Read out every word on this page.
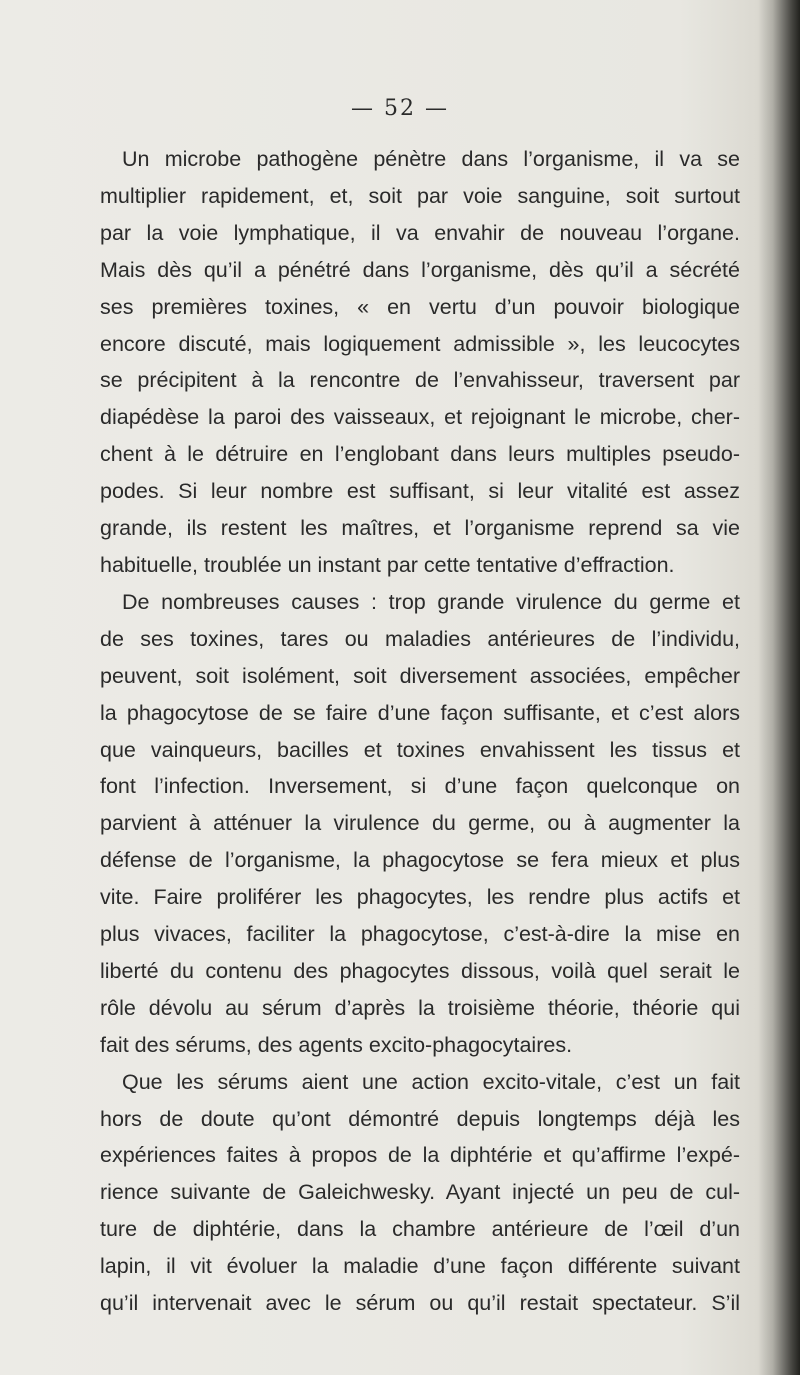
— 52 —
Un microbe pathogène pénètre dans l’organisme, il va se
multiplier rapidement, et, soit par voie sanguine, soit surtout
par la voie lymphatique, il va envahir de nouveau l’organe.
Mais dès qu’il a pénétré dans l’organisme, dès qu’il a sécrété
ses premières toxines, « en vertu d’un pouvoir biologique
encore discuté, mais logiquement admissible », les leucocytes
se précipitent à la rencontre de l’envahisseur, traversent par
diapédèse la paroi des vaisseaux, et rejoignant le microbe, cher-
chent à le détruire en l’englobant dans leurs multiples pseudo-
podes. Si leur nombre est suffisant, si leur vitalité est assez
grande, ils restent les maîtres, et l’organisme reprend sa vie
habituelle, troublée un instant par cette tentative d’effraction.
De nombreuses causes : trop grande virulence du germe et
de ses toxines, tares ou maladies antérieures de l’individu,
peuvent, soit isolément, soit diversement associées, empêcher
la phagocytose de se faire d’une façon suffisante, et c’est alors
que vainqueurs, bacilles et toxines envahissent les tissus et
font l’infection. Inversement, si d’une façon quelconque on
parvient à atténuer la virulence du germe, ou à augmenter la
défense de l’organisme, la phagocytose se fera mieux et plus
vite. Faire proliférer les phagocytes, les rendre plus actifs et
plus vivaces, faciliter la phagocytose, c’est-à-dire la mise en
liberté du contenu des phagocytes dissous, voilà quel serait le
rôle dévolu au sérum d’après la troisième théorie, théorie qui
fait des sérums, des agents excito-phagocytaires.
Que les sérums aient une action excito-vitale, c’est un fait
hors de doute qu’ont démontré depuis longtemps déjà les
expériences faites à propos de la diphtérie et qu’affirme l’expé-
rience suivante de Galeichwesky. Ayant injecté un peu de cul-
ture de diphtérie, dans la chambre antérieure de l’œil d’un
lapin, il vit évoluer la maladie d’une façon différente suivant
qu’il intervenait avec le sérum ou qu’il restait spectateur. S’il
